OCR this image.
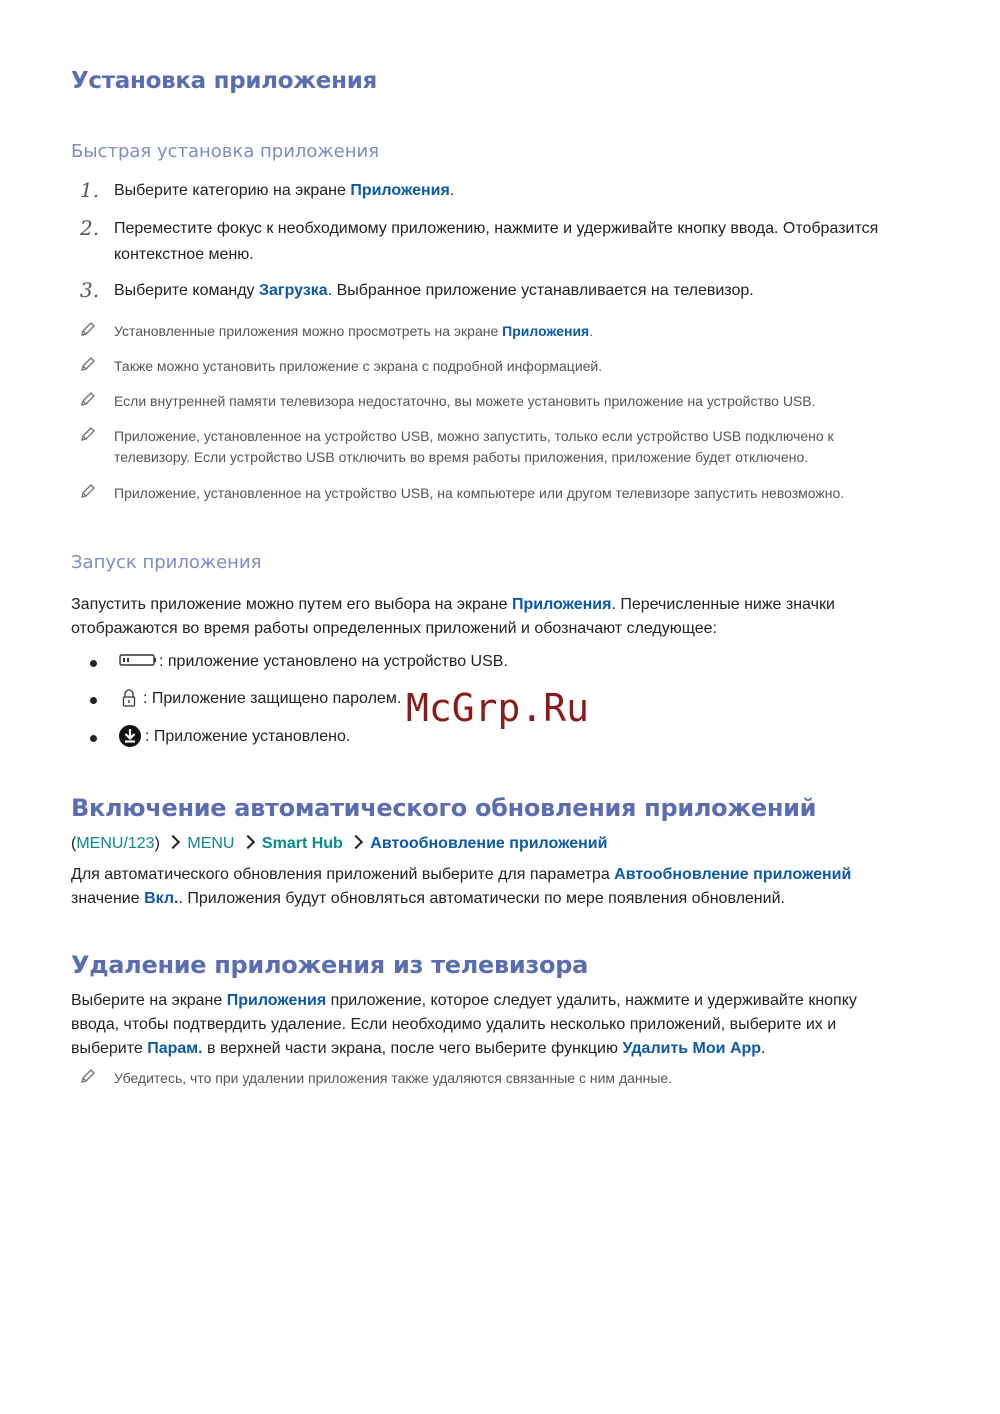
Установка приложения
Быстрая установка приложения
1. Выберите категорию на экране Приложения.
2. Переместите фокус к необходимому приложению, нажмите и удерживайте кнопку ввода. Отобразится
контекстное меню.
3. Выберите команду Загрузка. Выбранное приложение устанавливается на телевизор.
Установленные приложения можно просмотреть на экране Приложения.
Также можно установить приложение с экрана с подробной информацией.
Если внутренней памяти телевизора недостаточно, вы можете установить приложение на устройство USB.
Приложение, установленное на устройство USB, можно запустить, только если устройство USB подключено к
телевизору. Если устройство USB отключить во время работы приложения, приложение будет отключено.
Приложение, установленное на устройство USB, на компьютере или другом телевизоре запустить невозможно.
Запуск приложения
Запустить приложение можно путем его выбора на экране Приложения. Перечисленные ниже значки
отображаются во время работы определенных приложений и обозначают следующее:
: приложение установлено на устройство USB.
: Приложение защищено паролем.
: Приложение установлено.
McGrp.Ru
Включение автоматического обновления приложений
(MENU/123) MENU Smart Hub Автообновление приложений
Для автоматического обновления приложений выберите для параметра Автообновление приложений
значение Вкл.. Приложения будут обновляться автоматически по мере появления обновлений.
Удаление приложения из телевизора
Выберите на экране Приложения приложение, которое следует удалить, нажмите и удерживайте кнопку
ввода, чтобы подтвердить удаление. Если необходимо удалить несколько приложений, выберите их и
выберите Парам. в верхней части экрана, после чего выберите функцию Удалить Мои App.
Убедитесь, что при удалении приложения также удаляются связанные с ним данные.
